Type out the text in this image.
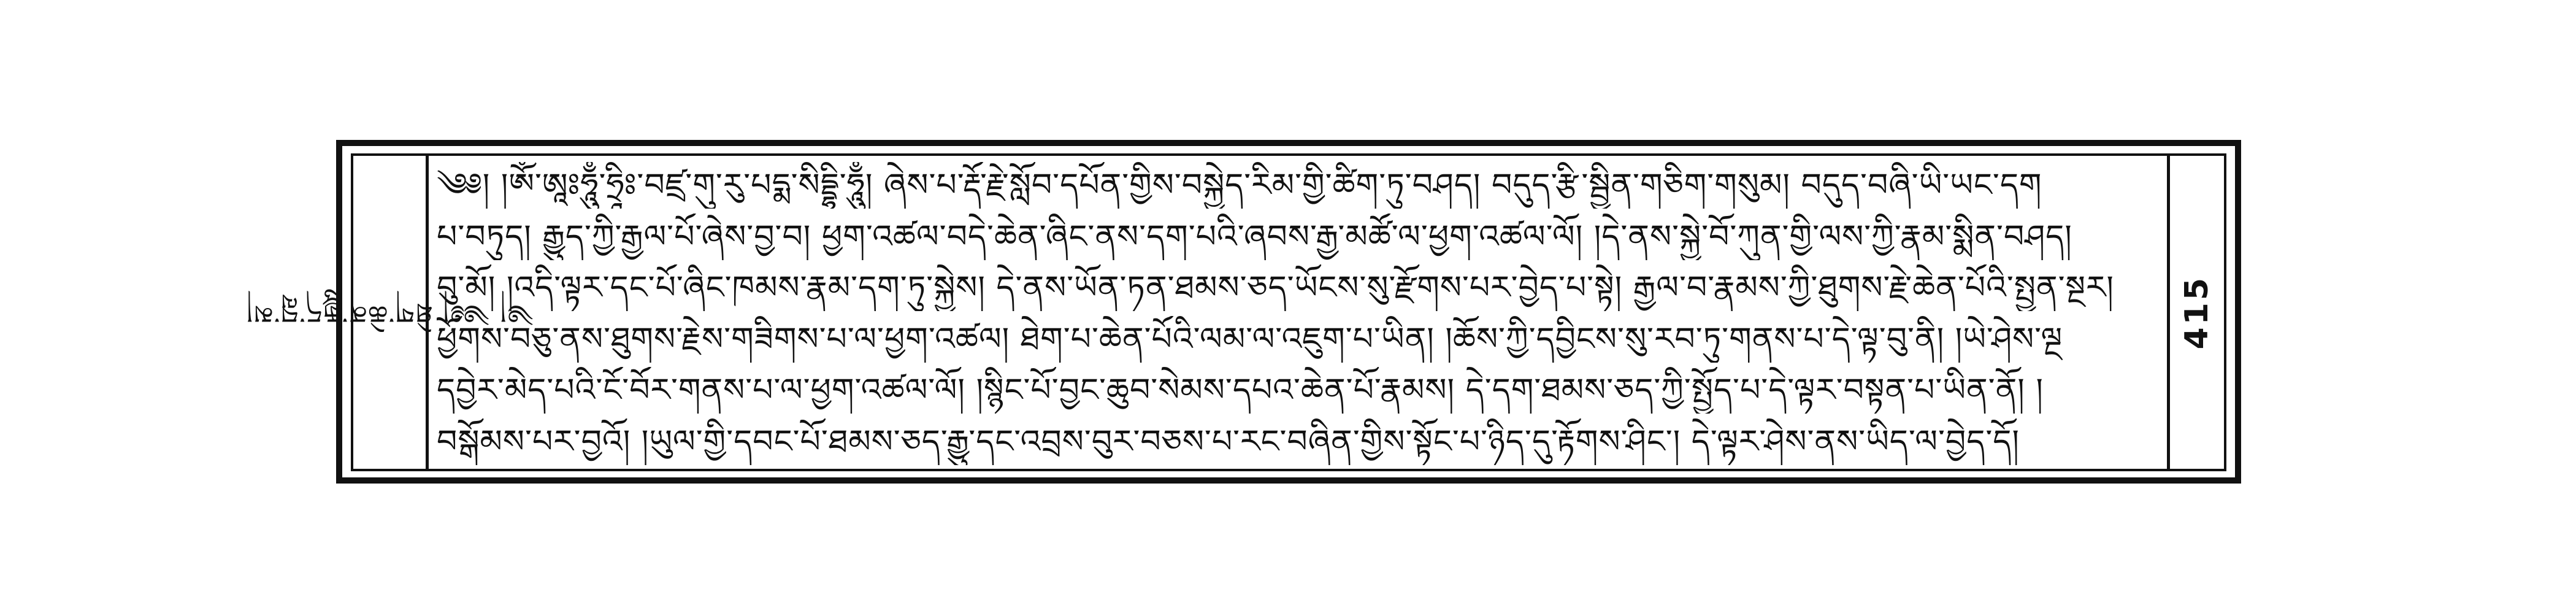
༄། ༄༅། ཐེག་ཆེན་རྒྱུད་བླ་མ།
༄༅། །ཨོཾ་ཨཱཿཧཱུྃ་ཧྲཱིཿ་བཛྲ་གུ་རུ་པདྨ་སིདྡྷི་ཧཱུྃ། ཞེས་པ་རྡོ་རྗེ་སློབ་དཔོན་གྱིས་བསྐྱེད་རིམ་གྱི་ཚིག་ཏུ་བཤད། བདུད་རྩི་སྦྱིན་གཅིག་གསུམ། བདུད་བཞི་ཡི་ཡང་དག
པ་བཏུད། རྒྱུད་ཀྱི་རྒྱལ་པོ་ཞེས་བྱ་བ། ཕྱག་འཚལ་བདེ་ཆེན་ཞིང་ནས་དག་པའི་ཞབས་རྒྱ་མཚོ་ལ་ཕྱག་འཚལ་ལོ། །དེ་ནས་སྐྱེ་བོ་ཀུན་གྱི་ལས་ཀྱི་རྣམ་སྨིན་བཤད།
བུ་མོ། །འདི་ལྟར་དང་པོ་ཞིང་ཁམས་རྣམ་དག་ཏུ་སྐྱེས། དེ་ནས་ཡོན་ཏན་ཐམས་ཅད་ཡོངས་སུ་རྫོགས་པར་བྱེད་པ་སྟེ། རྒྱལ་བ་རྣམས་ཀྱི་ཐུགས་རྗེ་ཆེན་པོའི་སྤྱན་སྔར།
ཕྱོགས་བཅུ་ནས་ཐུགས་རྗེས་གཟིགས་པ་ལ་ཕྱག་འཚལ། ཐེག་པ་ཆེན་པོའི་ལམ་ལ་འཇུག་པ་ཡིན། །ཆོས་ཀྱི་དབྱིངས་སུ་རབ་ཏུ་གནས་པ་དེ་ལྟ་བུ་ནི། །ཡེ་ཤེས་ལྔ
དབྱེར་མེད་པའི་ངོ་བོར་གནས་པ་ལ་ཕྱག་འཚལ་ལོ། །སྙིང་པོ་བྱང་ཆུབ་སེམས་དཔའ་ཆེན་པོ་རྣམས། དེ་དག་ཐམས་ཅད་ཀྱི་སྤྱོད་པ་དེ་ལྟར་བསྟན་པ་ཡིན་ནོ། །
བསྒོམས་པར་བྱའོ། །ཡུལ་གྱི་དབང་པོ་ཐམས་ཅད་རྒྱུ་དང་འབྲས་བུར་བཅས་པ་རང་བཞིན་གྱིས་སྟོང་པ་ཉིད་དུ་རྟོགས་ཤིང་། དེ་ལྟར་ཤེས་ནས་ཡིད་ལ་བྱེད་དོ།
415
